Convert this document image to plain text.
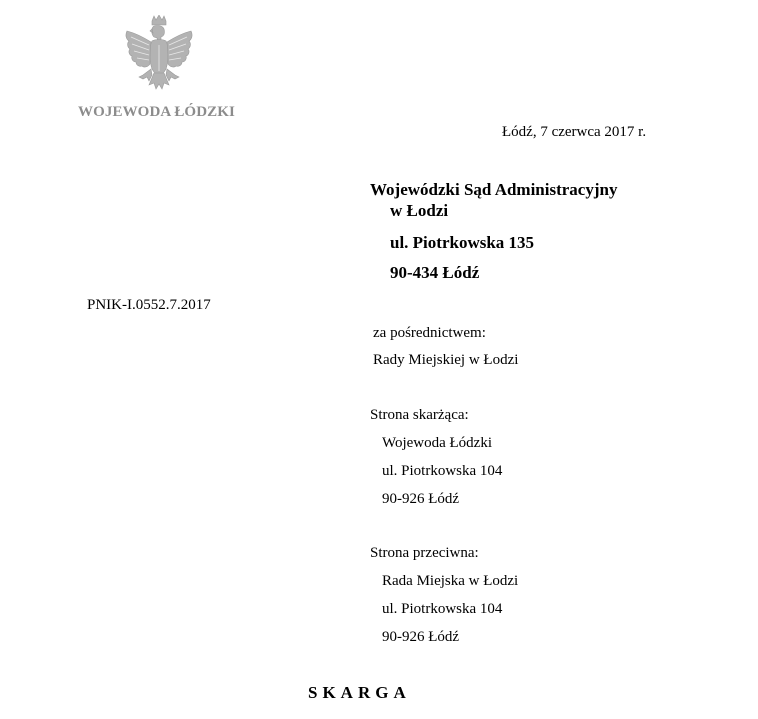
WOJEWODA ŁÓDZKI
Łódź, 7 czerwca 2017 r.
Wojewódzki Sąd Administracyjny
w Łodzi
ul. Piotrkowska 135
90-434 Łódź
PNIK-I.0552.7.2017
za pośrednictwem:
Rady Miejskiej w Łodzi
Strona skarżąca:
Wojewoda Łódzki
ul. Piotrkowska 104
90-926 Łódź
Strona przeciwna:
Rada Miejska w Łodzi
ul. Piotrkowska 104
90-926 Łódź
SKARGA
